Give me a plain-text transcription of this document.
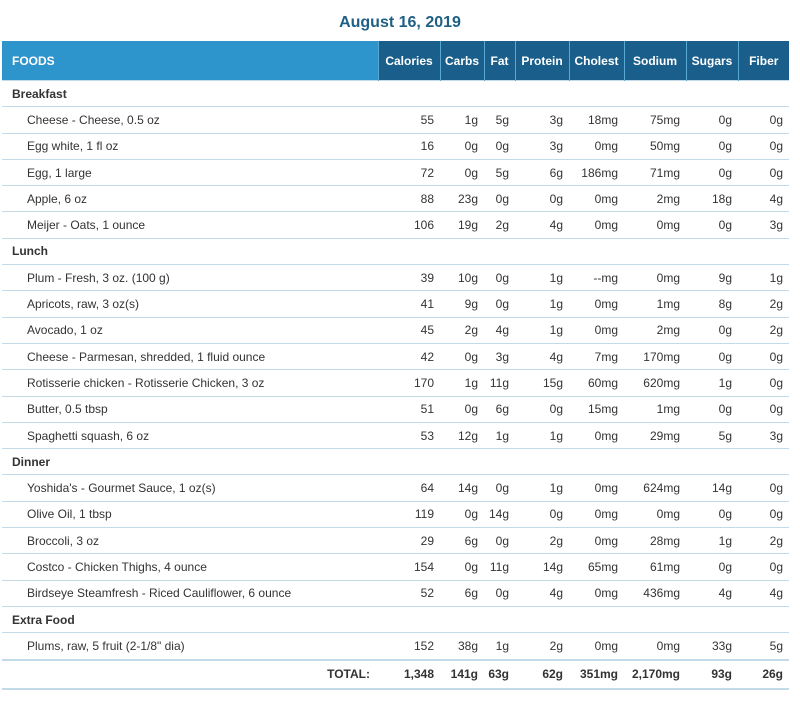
August 16, 2019
FOODS	Calories	Carbs	Fat	Protein	Cholest	Sodium	Sugars	Fiber
Breakfast								
Cheese - Cheese, 0.5 oz	55	1g	5g	3g	18mg	75mg	0g	0g
Egg white, 1 fl oz	16	0g	0g	3g	0mg	50mg	0g	0g
Egg, 1 large	72	0g	5g	6g	186mg	71mg	0g	0g
Apple, 6 oz	88	23g	0g	0g	0mg	2mg	18g	4g
Meijer - Oats, 1 ounce	106	19g	2g	4g	0mg	0mg	0g	3g
Lunch								
Plum - Fresh, 3 oz. (100 g)	39	10g	0g	1g	--mg	0mg	9g	1g
Apricots, raw, 3 oz(s)	41	9g	0g	1g	0mg	1mg	8g	2g
Avocado, 1 oz	45	2g	4g	1g	0mg	2mg	0g	2g
Cheese - Parmesan, shredded, 1 fluid ounce	42	0g	3g	4g	7mg	170mg	0g	0g
Rotisserie chicken - Rotisserie Chicken, 3 oz	170	1g	11g	15g	60mg	620mg	1g	0g
Butter, 0.5 tbsp	51	0g	6g	0g	15mg	1mg	0g	0g
Spaghetti squash, 6 oz	53	12g	1g	1g	0mg	29mg	5g	3g
Dinner								
Yoshida's - Gourmet Sauce, 1 oz(s)	64	14g	0g	1g	0mg	624mg	14g	0g
Olive Oil, 1 tbsp	119	0g	14g	0g	0mg	0mg	0g	0g
Broccoli, 3 oz	29	6g	0g	2g	0mg	28mg	1g	2g
Costco - Chicken Thighs, 4 ounce	154	0g	11g	14g	65mg	61mg	0g	0g
Birdseye Steamfresh - Riced Cauliflower, 6 ounce	52	6g	0g	4g	0mg	436mg	4g	4g
Extra Food								
Plums, raw, 5 fruit (2-1/8" dia)	152	38g	1g	2g	0mg	0mg	33g	5g
TOTAL:	1,348	141g	63g	62g	351mg	2,170mg	93g	26g
